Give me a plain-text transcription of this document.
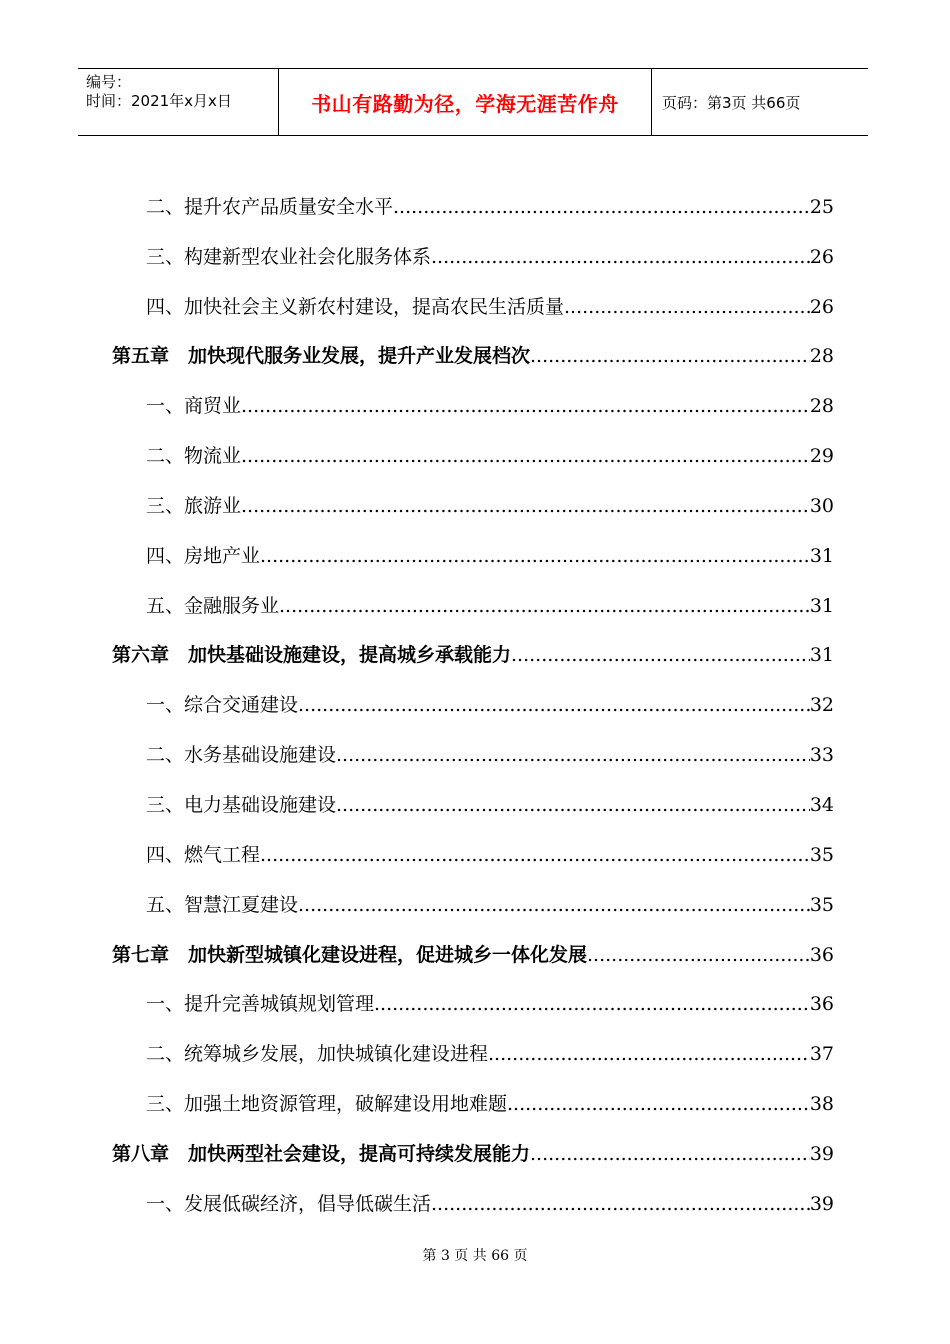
编号：
时间：2021年x月x日	书山有路勤为径，学海无涯苦作舟	页码：第3页 共66页
二、提升农产品质量安全水平 .....	25
三、构建新型农业社会化服务体系 .....	26
四、加快社会主义新农村建设，提高农民生活质量 .....	26
第五章　加快现代服务业发展，提升产业发展档次 .....	28
一、商贸业 .....	28
二、物流业 .....	29
三、旅游业 .....	30
四、房地产业 .....	31
五、金融服务业 .....	31
第六章　加快基础设施建设，提高城乡承载能力 .....	31
一、综合交通建设 .....	32
二、水务基础设施建设 .....	33
三、电力基础设施建设 .....	34
四、燃气工程 .....	35
五、智慧江夏建设 .....	35
第七章　加快新型城镇化建设进程，促进城乡一体化发展 .....	36
一、提升完善城镇规划管理 .....	36
二、统筹城乡发展，加快城镇化建设进程 .....	37
三、加强土地资源管理，破解建设用地难题 .....	38
第八章　加快两型社会建设，提高可持续发展能力 .....	39
一、发展低碳经济，倡导低碳生活 .....	39
第 3 页 共 66 页
